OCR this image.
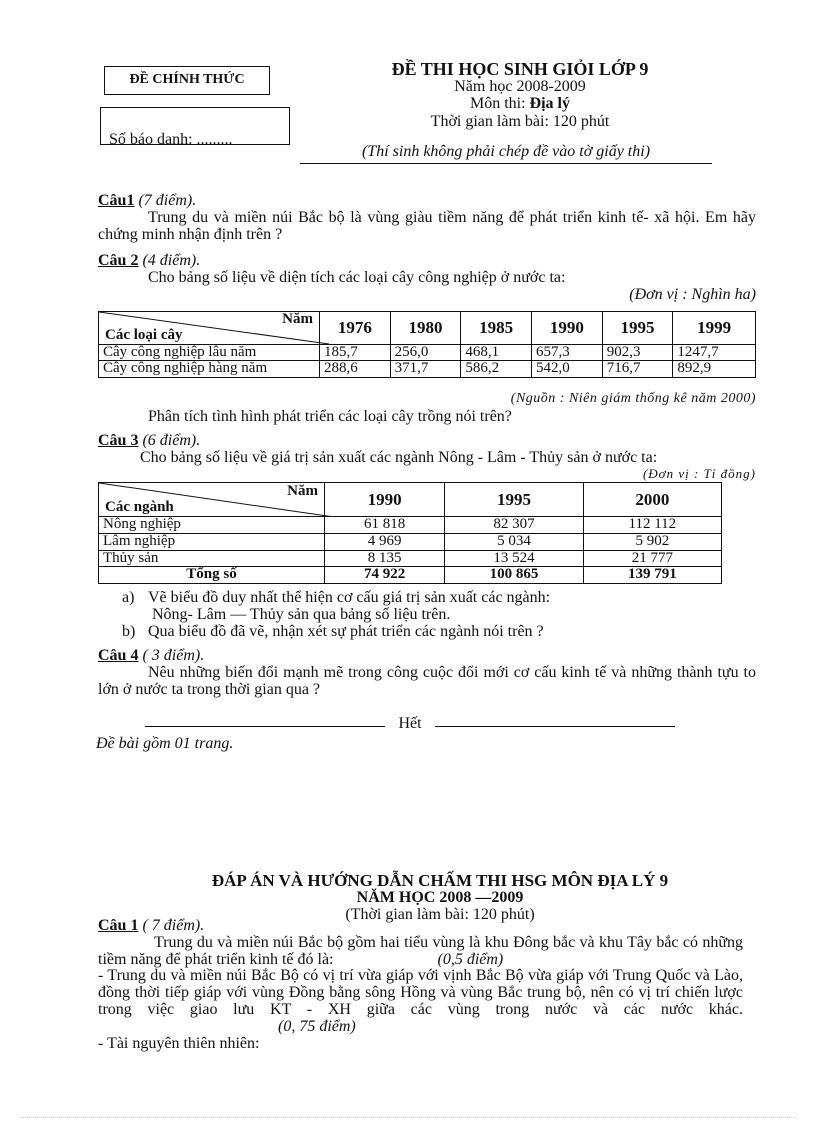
ĐỀ CHÍNH THỨC
Số báo danh: .........
ĐỀ THI HỌC SINH GIỎI LỚP 9
Năm học 2008-2009
Môn thi: Địa lý
Thời gian làm bài: 120 phút
(Thí sinh không phải chép đề vào tờ giấy thi)
Câu1 (7 điểm).
Trung du và miền núi Bắc bộ là vùng giàu tiềm năng để phát triển kinh tế- xã hội. Em hãy chứng minh nhận định trên ?
Câu 2 (4 điểm).
Cho bảng số liệu về diện tích các loại cây công nghiệp ở nước ta:
(Đơn vị : Nghìn ha)
Năm
Các loại cây	1976	1980	1985	1990	1995	1999
Cây công nghiệp lâu năm	185,7	256,0	468,1	657,3	902,3	1247,7
Cây công nghiệp hàng năm	288,6	371,7	586,2	542,0	716,7	892,9
(Nguồn : Niên giám thống kê năm 2000)
Phân tích tình hình phát triển các loại cây trồng nói trên?
Câu 3 (6 điểm).
Cho bảng số liệu về giá trị sản xuất các ngành Nông - Lâm - Thủy sản ở nước ta:
(Đơn vị : Tỉ đồng)
Năm
Các ngành	1990	1995	2000
Nông nghiệp	61 818	82 307	112 112
Lâm nghiệp	4 969	5 034	5 902
Thủy sản	8 135	13 524	21 777
Tổng số	74 922	100 865	139 791
a) Vẽ biểu đồ duy nhất thể hiện cơ cấu giá trị sản xuất các ngành:
Nông- Lâm — Thủy sản qua bảng số liệu trên.
b) Qua biểu đồ đã vẽ, nhận xét sự phát triển các ngành nói trên ?
Câu 4 ( 3 điểm).
Nêu những biến đổi mạnh mẽ trong công cuộc đổi mới cơ cấu kinh tế và những thành tựu to lớn ở nước ta trong thời gian qua ?
Hết
Đề bài gồm 01 trang.
ĐÁP ÁN VÀ HƯỚNG DẪN CHẤM THI HSG MÔN ĐỊA LÝ 9
NĂM HỌC 2008 —2009
(Thời gian làm bài: 120 phút)
Câu 1 ( 7 điểm).
Trung du và miền núi Bắc bộ gồm hai tiểu vùng là khu Đông bắc và khu Tây bắc có những tiềm năng để phát triển kinh tế đó là:	(0,5 điểm)
- Trung du và miền núi Bắc Bộ có vị trí vừa giáp với vịnh Bắc Bộ vừa giáp với Trung Quốc và Lào, đồng thời tiếp giáp với vùng Đồng bằng sông Hồng và vùng Bắc trung bộ, nên có vị trí chiến lược trong việc giao lưu KT - XH giữa các vùng trong nước và các nước khác. (0, 75 điểm)
- Tài nguyên thiên nhiên:
